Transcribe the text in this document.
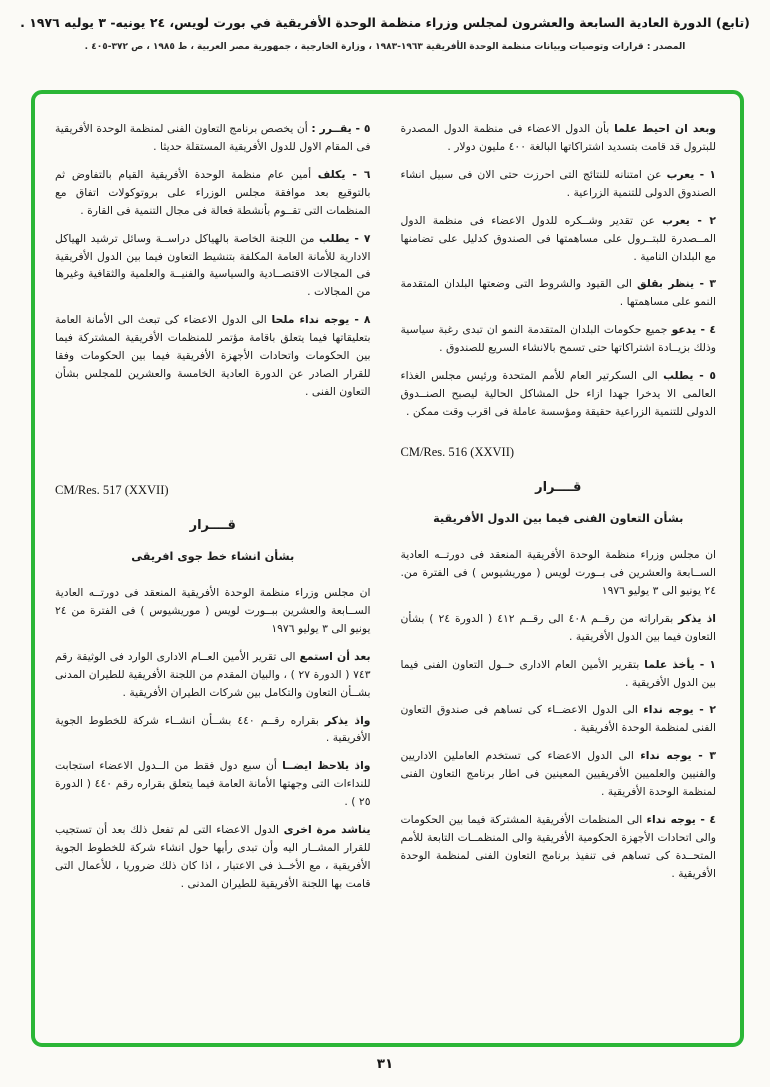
(تابع) الدورة العادية السابعة والعشرون لمجلس وزراء منظمة الوحدة الأفريقية في بورت لويس، ٢٤ يونيه- ٣ يوليه ١٩٧٦ .
المصدر : قرارات وتوصيات وبيانات منظمة الوحدة الأفريقية ١٩٦٣-١٩٨٣ ، وزارة الخارجية ، جمهورية مصر العربية ، ط ١٩٨٥ ، ص ٣٧٢-٤٠٥ .

وبعد ان احيط علما بأن الدول الاعضاء فى منظمة الدول المصدرة للبترول قد قامت بتسديد اشتراكاتها البالغة ٤٠٠ مليون دولار .

١ - يعرب عن امتنانه للنتائج التى احرزت حتى الان فى سبيل انشاء الصندوق الدولى للتنمية الزراعية .

٢ - يعرب عن تقدير وشــكره للدول الاعضاء فى منظمة الدول المــصدرة للبتــرول على مساهمتها فى الصندوق كدليل على تضامنها مع البلدان النامية .

٣ - ينظر بقلق الى القيود والشروط التى وضعتها البلدان المتقدمة النمو على مساهمتها .

٤ - يدعو جميع حكومات البلدان المتقدمة النمو ان تبدى رغبة سياسية وذلك بزيــادة اشتراكاتها حتى تسمح بالانشاء السريع للصندوق .

٥ - يطلب الى السكرتير العام للأمم المتحدة ورئيس مجلس الغذاء العالمى الا يدخرا جهدا ازاء حل المشاكل الحالية ليصبح الصنــدوق الدولى للتنمية الزراعية حقيقة ومؤسسة عاملة فى اقرب وقت ممكن .

CM/Res. 516 (XXVII)
قــــرار
بشأن التعاون الفنى فيما بين الدول الأفريقية

ان مجلس وزراء منظمة الوحدة الأفريقية المنعقد فى دورتــه العادية الســابعة والعشرين فى بــورت لويس ( موريشيوس ) فى الفترة من. ٢٤ يونيو الى ٣ يوليو ١٩٧٦

اذ يذكر بقراراته من رقــم ٤٠٨ الى رقــم ٤١٢ ( الدورة ٢٤ ) بشأن التعاون فيما بين الدول الأفريقية .

١ - يأخذ علما بتقرير الأمين العام الادارى حــول التعاون الفنى فيما بين الدول الأفريقية .

٢ - يوجه نداء الى الدول الاعضــاء كى تساهم فى صندوق التعاون الفنى لمنظمة الوحدة الأفريقية .

٣ - يوجه نداء الى الدول الاعضاء كى تستخدم العاملين الاداريين والفنيين والعلميين الأفريقيين المعينين فى اطار برنامج التعاون الفنى لمنظمة الوحدة الأفريقية .

٤ - يوجه نداء الى المنظمات الأفريقية المشتركة فيما بين الحكومات والى اتحادات الأجهزة الحكومية الأفريقية والى المنظمــات التابعة للأمم المتحــدة كى تساهم فى تنفيذ برنامج التعاون الفنى لمنظمة الوحدة الأفريقية .

٥ - يقــرر : أن يخصص برنامج التعاون الفنى لمنظمة الوحدة الأفريقية فى المقام الاول للدول الأفريقية المستقلة حديثا .

٦ - يكلف أمين عام منظمة الوحدة الأفريقية القيام بالتفاوض ثم بالتوقيع بعد موافقة مجلس الوزراء على بروتوكولات اتفاق مع المنظمات التى تقــوم بأنشطة فعالة فى مجال التنمية فى القارة .

٧ - يطلب من اللجنة الخاصة بالهياكل دراســة وسائل ترشيد الهياكل الادارية للأمانة العامة المكلفة بتنشيط التعاون فيما بين الدول الأفريقية فى المجالات الاقتصــادية والسياسية والفنيــة والعلمية والثقافية وغيرها من المجالات .

٨ - يوجه نداء ملحا الى الدول الاعضاء كى تبعث الى الأمانة العامة بتعليقاتها فيما يتعلق باقامة مؤتمر للمنظمات الأفريقية المشتركة فيما بين الحكومات واتحادات الأجهزة الأفريقية فيما بين الحكومات وفقا للقرار الصادر عن الدورة العادية الخامسة والعشرين للمجلس بشأن التعاون الفنى .

CM/Res. 517 (XXVII)
قــــرار
بشأن انشاء خط جوى افريقى

ان مجلس وزراء منظمة الوحدة الأفريقية المنعقد فى دورتــه العادية الســابعة والعشرين ببــورت لويس ( موريشيوس ) فى الفترة من ٢٤ يونيو الى ٣ يوليو ١٩٧٦

بعد أن استمع الى تقرير الأمين العــام الادارى الوارد فى الوثيقة رقم ٧٤٣ ( الدورة ٢٧ ) ، والبيان المقدم من اللجنة الأفريقية للطيران المدنى بشــأن التعاون والتكامل بين شركات الطيران الأفريقية .

واذ يذكر بقراره رقــم ٤٤٠ بشــأن انشــاء شركة للخطوط الجوية الأفريقية .

واذ يلاحظ ايضــا أن سبع دول فقط من الــدول الاعضاء استجابت للنداءات التى وجهتها الأمانة العامة فيما يتعلق بقراره رقم ٤٤٠ ( الدورة ٢٥ ) .

يناشد مرة اخرى الدول الاعضاء التى لم تفعل ذلك بعد أن تستجيب للقرار المشــار اليه وأن تبدى رأيها حول انشاء شركة للخطوط الجوية الأفريقية ، مع الأخــذ فى الاعتبار ، اذا كان ذلك ضروريا ، للأعمال التى قامت بها اللجنة الأفريقية للطيران المدنى .

٣١
